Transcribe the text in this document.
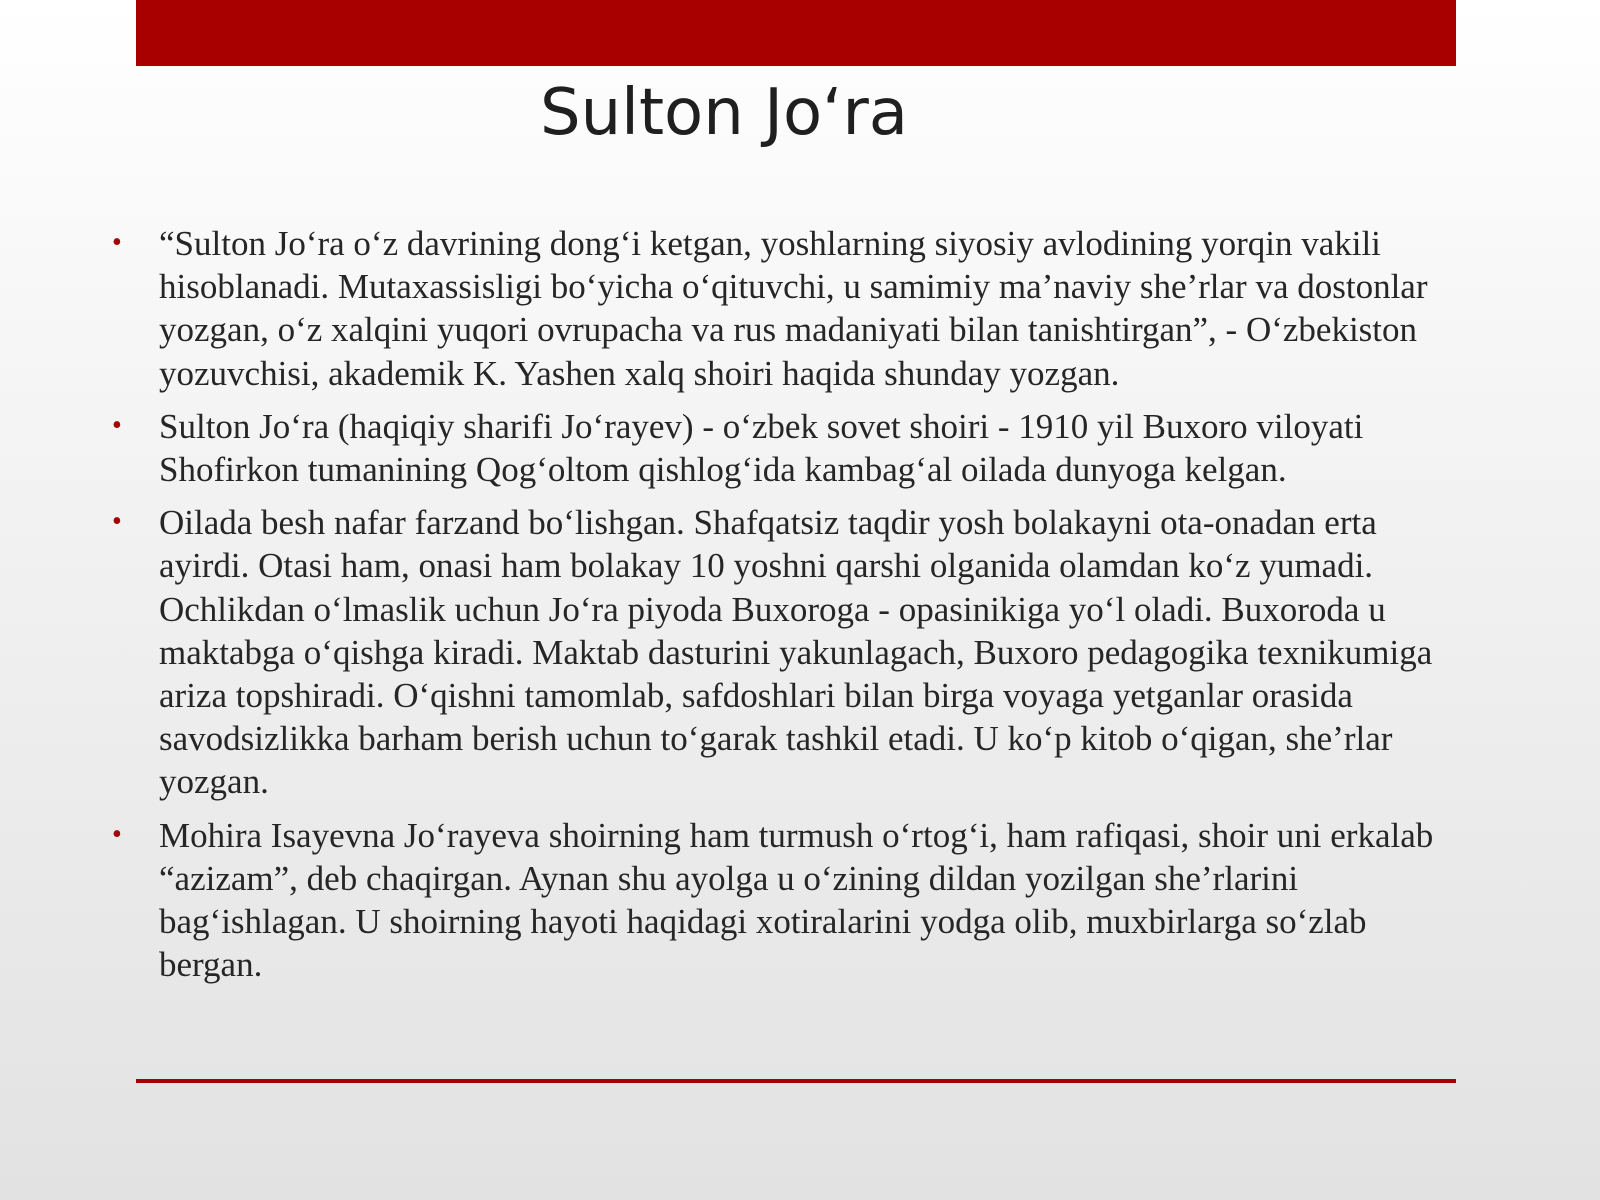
Sulton Jo‘ra
• “Sulton Jo‘ra o‘z davrining dong‘i ketgan, yoshlarning siyosiy avlodining yorqin vakili hisoblanadi. Mutaxassisligi bo‘yicha o‘qituvchi, u samimiy ma’naviy she’rlar va dostonlar yozgan, o‘z xalqini yuqori ovrupacha va rus madaniyati bilan tanishtirgan”, - O‘zbekiston yozuvchisi, akademik K. Yashen xalq shoiri haqida shunday yozgan.
• Sulton Jo‘ra (haqiqiy sharifi Jo‘rayev) - o‘zbek sovet shoiri - 1910 yil Buxoro viloyati Shofirkon tumanining Qog‘oltom qishlog‘ida kambag‘al oilada dunyoga kelgan.
• Oilada besh nafar farzand bo‘lishgan. Shafqatsiz taqdir yosh bolakayni ota-onadan erta ayirdi. Otasi ham, onasi ham bolakay 10 yoshni qarshi olganida olamdan ko‘z yumadi. Ochlikdan o‘lmaslik uchun Jo‘ra piyoda Buxoroga - opasinikiga yo‘l oladi. Buxoroda u maktabga o‘qishga kiradi. Maktab dasturini yakunlagach, Buxoro pedagogika texnikumiga ariza topshiradi. O‘qishni tamomlab, safdoshlari bilan birga voyaga yetganlar orasida savodsizlikka barham berish uchun to‘garak tashkil etadi. U ko‘p kitob o‘qigan, she’rlar yozgan.
• Mohira Isayevna Jo‘rayeva shoirning ham turmush o‘rtog‘i, ham rafiqasi, shoir uni erkalab “azizam”, deb chaqirgan. Aynan shu ayolga u o‘zining dildan yozilgan she’rlarini bag‘ishlagan. U shoirning hayoti haqidagi xotiralarini yodga olib, muxbirlarga so‘zlab bergan.
